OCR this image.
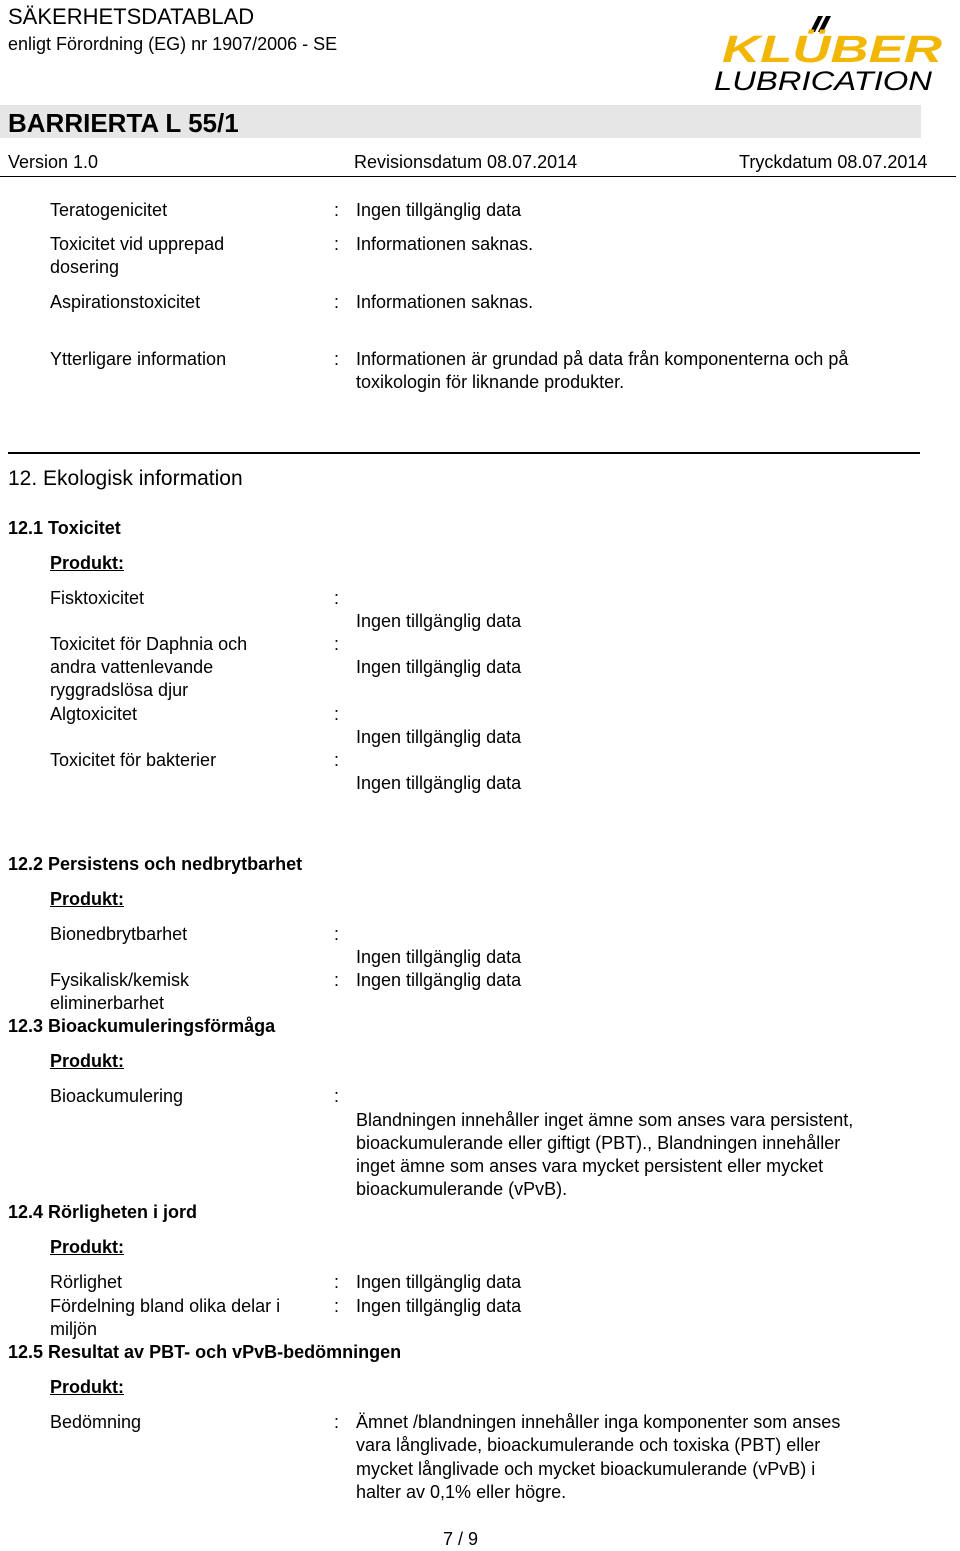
SÄKERHETSDATABLAD
enligt Förordning (EG) nr 1907/2006 - SE	KLÜBER
LUBRICATION
BARRIERTA L 55/1
Version 1.0	Revisionsdatum 08.07.2014	Tryckdatum 08.07.2014
Teratogenicitet	: Ingen tillgänglig data
Toxicitet vid upprepad
dosering
: Informationen saknas.
Aspirationstoxicitet	: Informationen saknas.
Ytterligare information	: Informationen är grundad på data från komponenterna och på
toxikologin för liknande produkter.
12. Ekologisk information
12.1 Toxicitet
Produkt:
Fisktoxicitet	:
Ingen tillgänglig data
Toxicitet för Daphnia och
andra vattenlevande
ryggradslösa djur
:
Ingen tillgänglig data
Algtoxicitet	:
Ingen tillgänglig data
Toxicitet för bakterier	:
Ingen tillgänglig data
12.2 Persistens och nedbrytbarhet
Produkt:
Bionedbrytbarhet	:
Ingen tillgänglig data
Fysikalisk/kemisk
eliminerbarhet
: Ingen tillgänglig data
12.3 Bioackumuleringsförmåga
Produkt:
Bioackumulering	:
Blandningen innehåller inget ämne som anses vara persistent,
bioackumulerande eller giftigt (PBT)., Blandningen innehåller
inget ämne som anses vara mycket persistent eller mycket
bioackumulerande (vPvB).
12.4 Rörligheten i jord
Produkt:
Rörlighet	: Ingen tillgänglig data
Fördelning bland olika delar i
miljön
: Ingen tillgänglig data
12.5 Resultat av PBT- och vPvB-bedömningen
Produkt:
Bedömning	: Ämnet /blandningen innehåller inga komponenter som anses
vara långlivade, bioackumulerande och toxiska (PBT) eller
mycket långlivade och mycket bioackumulerande (vPvB) i
halter av 0,1% eller högre.
7 / 9
